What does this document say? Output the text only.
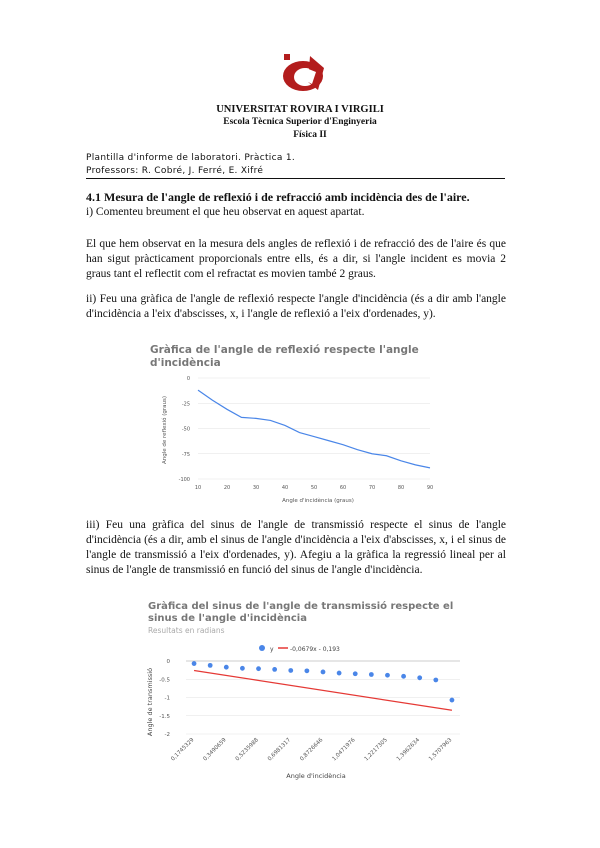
UNIVERSITAT ROVIRA I VIRGILI
Escola Tècnica Superior d'Enginyeria
Física II
Plantilla d'informe de laboratori. Pràctica 1.
Professors: R. Cobré, J. Ferré, E. Xifré
4.1 Mesura de l'angle de reflexió i de refracció amb incidència des de l'aire.
i) Comenteu breument el que heu observat en aquest apartat.
El que hem observat en la mesura dels angles de reflexió i de refracció des de l'aire és que han sigut pràcticament proporcionals entre ells, és a dir, si l'angle incident es movia 2 graus tant el reflectit com el refractat es movien també 2 graus.
ii) Feu una gràfica de l'angle de reflexió respecte l'angle d'incidència (és a dir amb l'angle d'incidència a l'eix d'abscisses, x, i l'angle de reflexió a l'eix d'ordenades, y).
Gràfica de l'angle de reflexió respecte l'angle
d'incidència
0
-25
-50
-75
-100
10	20	30	40	50	60	70	80	90
Angle d'incidència (graus)
Angle de reflexió (graus)
iii) Feu una gràfica del sinus de l'angle de transmissió respecte el sinus de l'angle d'incidència (és a dir, amb el sinus de l'angle d'incidència a l'eix d'abscisses, x, i el sinus de l'angle de transmissió a l'eix d'ordenades, y). Afegiu a la gràfica la regressió lineal per al sinus de l'angle de transmissió en funció del sinus de l'angle d'incidència.
Gràfica del sinus de l'angle de transmissió respecte el
sinus de l'angle d'incidència
Resultats en radians
y	-0,0679x - 0,193
0
-0.5
-1
-1.5
-2
0,1745329 0,3490659 0,5235988 0,6981317 0,8726646 1,0471976 1,2217305 1,3962634 1,5707963
Angle d'incidència
Angle de transmissió
